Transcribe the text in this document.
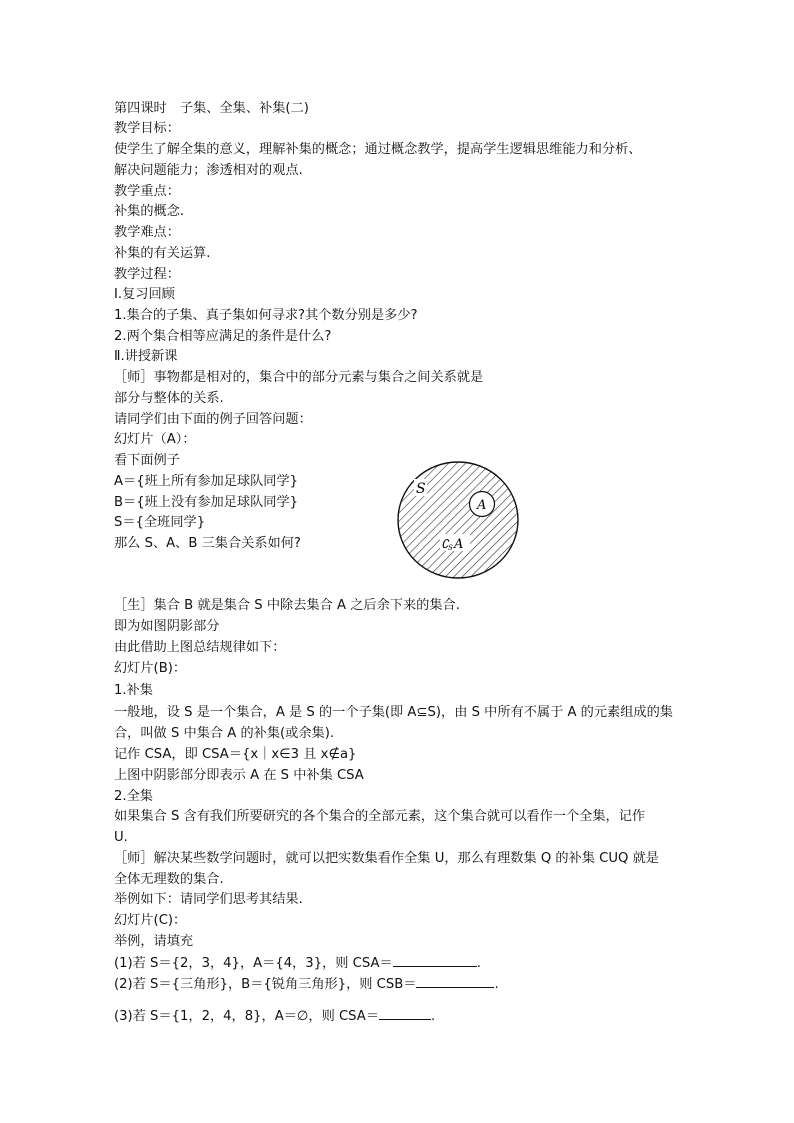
第四课时　子集、全集、补集(二)
教学目标：
使学生了解全集的意义，理解补集的概念；通过概念教学，提高学生逻辑思维能力和分析、
解决问题能力；渗透相对的观点.
教学重点：
补集的概念.
教学难点：
补集的有关运算.
教学过程：
Ⅰ.复习回顾
1.集合的子集、真子集如何寻求?其个数分别是多少?
2.两个集合相等应满足的条件是什么?
Ⅱ.讲授新课
［师］事物都是相对的，集合中的部分元素与集合之间关系就是
部分与整体的关系.
请同学们由下面的例子回答问题：
幻灯片（A）：
看下面例子
A＝{班上所有参加足球队同学}
B＝{班上没有参加足球队同学}
S＝{全班同学}
那么 S、A、B 三集合关系如何?
S
A
∁ S A
［生］集合 B 就是集合 S 中除去集合 A 之后余下来的集合.
即为如图阴影部分
由此借助上图总结规律如下：
幻灯片(B)：
1.补集
一般地，设 S 是一个集合，A 是 S 的一个子集(即 A⊆S)，由 S 中所有不属于 A 的元素组成的集
合，叫做 S 中集合 A 的补集(或余集).
记作 CSA，即 CSA＝{x｜x∈3 且 x∉a}
上图中阴影部分即表示 A 在 S 中补集 CSA
2.全集
如果集合 S 含有我们所要研究的各个集合的全部元素，这个集合就可以看作一个全集，记作
U.
［师］解决某些数学问题时，就可以把实数集看作全集 U，那么有理数集 Q 的补集 CUQ 就是
全体无理数的集合.
举例如下：请同学们思考其结果.
幻灯片(C)：
举例，请填充
(1)若 S＝{2，3，4}，A＝{4，3}，则 CSA＝	.
(2)若 S＝{三角形}，B＝{锐角三角形}，则 CSB＝	.
(3)若 S＝{1，2，4，8}，A＝∅，则 CSA＝	.
